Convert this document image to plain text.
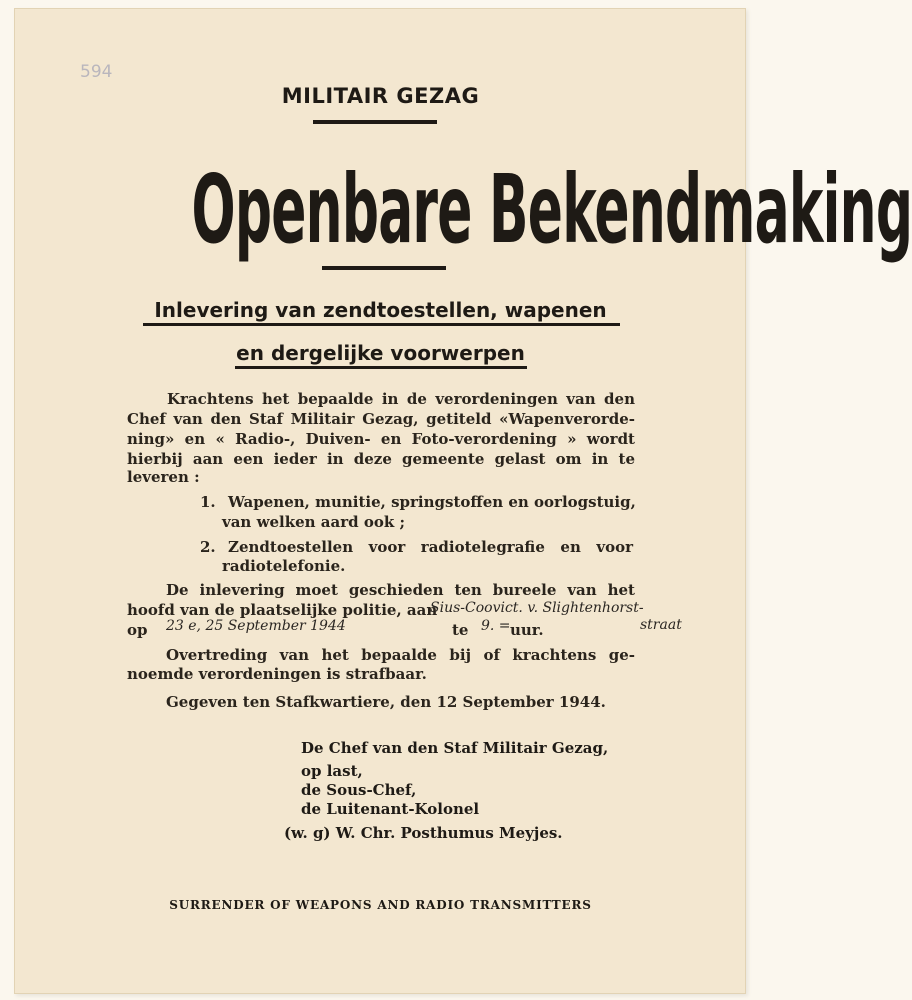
594
MILITAIR GEZAG
Openbare Bekendmaking
Inlevering van zendtoestellen, wapenen
en dergelijke voorwerpen
Krachtens het bepaalde in de verordeningen van den
Chef van den Staf Militair Gezag, getiteld «Wapenverorde-
ning» en « Radio-, Duiven- en Foto-verordening » wordt
hierbij aan een ieder in deze gemeente gelast om in te
leveren :
1. Wapenen, munitie, springstoffen en oorlogstuig,
van welken aard ook ;
2. Zendtoestellen voor radiotelegrafie en voor
radiotelefonie.
De inlevering moet geschieden ten bureele van het
hoofd van de plaatselijke politie, aan
Sius-Coovict. v. Slightenhorst-
straat
op	23 e, 25 September 1944	te 9. = uur.
Overtreding van het bepaalde bij of krachtens ge-
noemde verordeningen is strafbaar.
Gegeven ten Stafkwartiere, den 12 September 1944.
De Chef van den Staf Militair Gezag,
op last,
de Sous-Chef,
de Luitenant-Kolonel
(w. g) W. Chr. Posthumus Meyjes.
SURRENDER OF WEAPONS AND RADIO TRANSMITTERS
